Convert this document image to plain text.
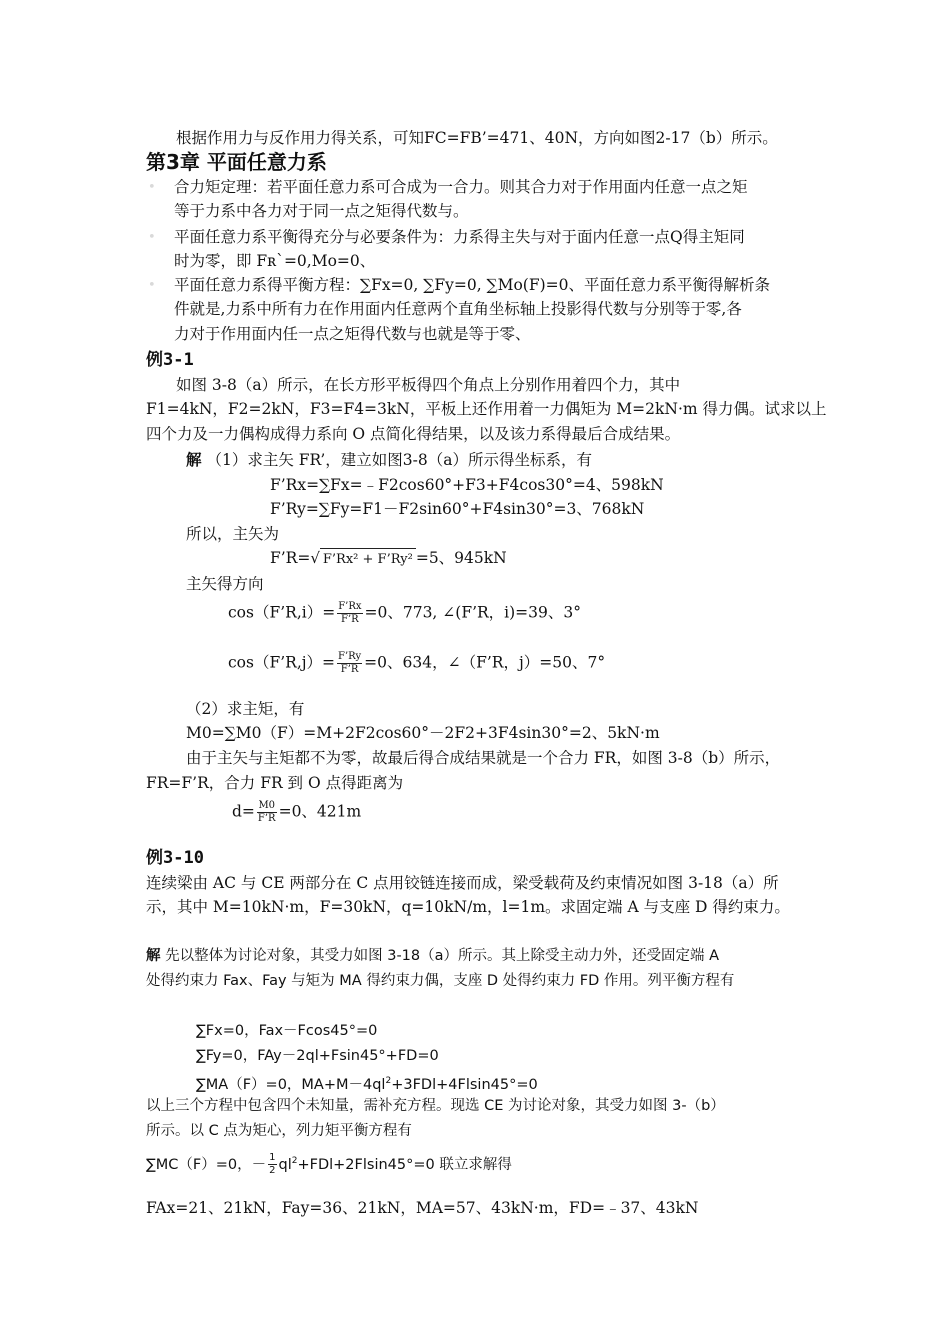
根据作用力与反作用力得关系，可知FC=FB’=471、40N，方向如图2-17（b）所示。
第3章 平面任意力系
• 合力矩定理：若平面任意力系可合成为一合力。则其合力对于作用面内任意一点之矩
等于力系中各力对于同一点之矩得代数与。
• 平面任意力系平衡得充分与必要条件为：力系得主失与对于面内任意一点Q得主矩同
时为零，即 Fʀ`=0,Mo=0、
• 平面任意力系得平衡方程：∑Fx=0, ∑Fy=0, ∑Mo(F)=0、平面任意力系平衡得解析条
件就是,力系中所有力在作用面内任意两个直角坐标轴上投影得代数与分别等于零,各
力对于作用面内任一点之矩得代数与也就是等于零、
例3-1
如图 3-8（a）所示，在长方形平板得四个角点上分别作用着四个力，其中
F1=4kN，F2=2kN，F3=F4=3kN，平板上还作用着一力偶矩为 M=2kN·m 得力偶。试求以上
四个力及一力偶构成得力系向 O 点简化得结果，以及该力系得最后合成结果。
解 （1）求主矢 FR’，建立如图3-8（a）所示得坐标系，有
F’Rx=∑Fx=﹣F2cos60°+F3+F4cos30°=4、598kN
F’Ry=∑Fy=F1－F2sin60°+F4sin30°=3、768kN
所以，主矢为
F’R=√ F’Rx² + F’Ry² =5、945kN
主矢得方向
cos（F’R,i）= $\frac{F’Rx}{F’R} =0$、773, ∠(F’R，i)=39、3°
cos（F’R,j）= $\frac{F’Ry}{F’R} =0$、634，∠（F’R，j）=50、7°
（2）求主矩，有
M0=∑M0（F）=M+2F2cos60°－2F2+3F4sin30°=2、5kN·m
由于主矢与主矩都不为零，故最后得合成结果就是一个合力 FR，如图 3-8（b）所示，
FR=F’R，合力 FR 到 O 点得距离为
$d= \frac{M0}{F’R} =0$、421m
例3-10
连续梁由 AC 与 CE 两部分在 C 点用铰链连接而成，梁受载荷及约束情况如图 3-18（a）所
示，其中 M=10kN·m，F=30kN，q=10kN/m，l=1m。求固定端 A 与支座 D 得约束力。
解 先以整体为讨论对象，其受力如图 3-18（a）所示。其上除受主动力外，还受固定端 A
处得约束力 Fax、Fay 与矩为 MA 得约束力偶，支座 D 处得约束力 FD 作用。列平衡方程有
∑Fx=0，Fax－Fcos45°=0
∑Fy=0，FAy－2ql+Fsin45°+FD=0
∑MA（F）=0，$MA+M-4ql^2+3FDl+4Flsin45^\circ=0$
以上三个方程中包含四个未知量，需补充方程。现选 CE 为讨论对象，其受力如图 3-（b）
所示。以 C 点为矩心，列力矩平衡方程有
∑MC（F）=0，－ $\frac{1}{2} ql^2+FDl+2Flsin45^\circ=0$ 联立求解得
FAx=21、21kN，Fay=36、21kN，MA=57、43kN·m，FD=﹣37、43kN
